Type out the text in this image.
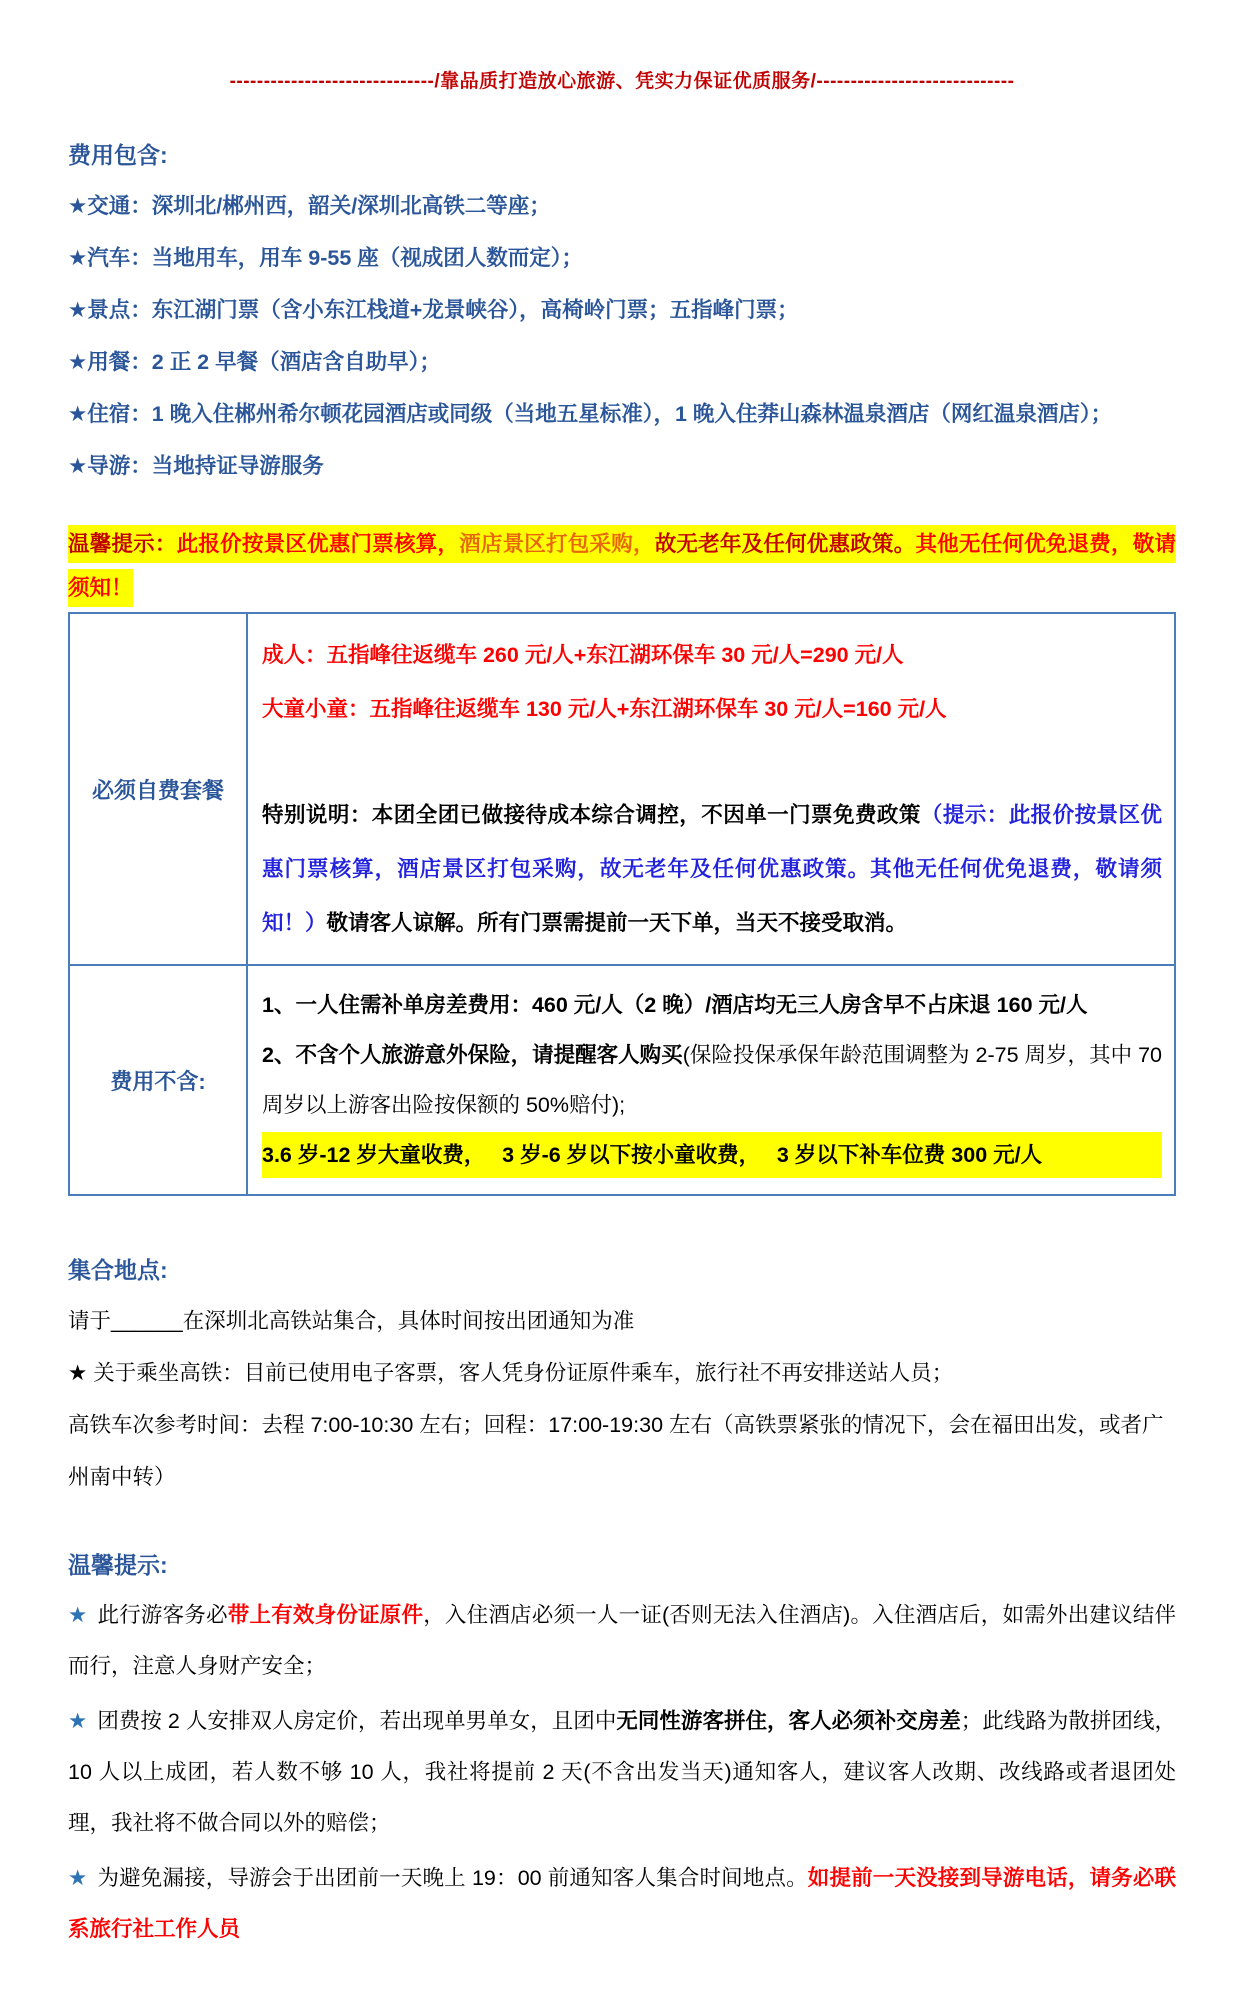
------------------------------/靠品质打造放心旅游、凭实力保证优质服务/-----------------------------
费用包含:
★交通：深圳北/郴州西，韶关/深圳北高铁二等座；
★汽车：当地用车，用车 9-55 座（视成团人数而定）；
★景点：东江湖门票（含小东江栈道+龙景峡谷），高椅岭门票；五指峰门票；
★用餐：2 正 2 早餐（酒店含自助早）；
★住宿：1 晚入住郴州希尔顿花园酒店或同级（当地五星标准），1 晚入住莽山森林温泉酒店（网红温泉酒店）；
★导游：当地持证导游服务
温馨提示：此报价按景区优惠门票核算，酒店景区打包采购，故无老年及任何优惠政策。其他无任何优免退费，敬请须知！
必须自费套餐	成人：五指峰往返缆车 260 元/人+东江湖环保车 30 元/人=290 元/人
大童小童：五指峰往返缆车 130 元/人+东江湖环保车 30 元/人=160 元/人
特别说明：本团全团已做接待成本综合调控，不因单一门票免费政策（提示：此报价按景区优惠门票核算，酒店景区打包采购，故无老年及任何优惠政策。其他无任何优免退费，敬请须知！）敬请客人谅解。所有门票需提前一天下单，当天不接受取消。

费用不含:	1、一人住需补单房差费用：460 元/人（2 晚）/酒店均无三人房含早不占床退 160 元/人
2、不含个人旅游意外保险，请提醒客人购买(保险投保承保年龄范围调整为 2-75 周岁，其中 70 周岁以上游客出险按保额的 50%赔付);
3.6 岁-12 岁大童收费，　 3 岁-6 岁以下按小童收费，　 3 岁以下补车位费 300 元/人
集合地点:
请于______在深圳北高铁站集合，具体时间按出团通知为准
★ 关于乘坐高铁：目前已使用电子客票，客人凭身份证原件乘车，旅行社不再安排送站人员；
高铁车次参考时间：去程 7:00-10:30 左右；回程：17:00-19:30 左右（高铁票紧张的情况下，会在福田出发，或者广州南中转）
温馨提示:

★ 此行游客务必带上有效身份证原件，入住酒店必须一人一证(否则无法入住酒店)。入住酒店后，如需外出建议结伴而行，注意人身财产安全；

★ 团费按 2 人安排双人房定价，若出现单男单女，且团中无同性游客拼住，客人必须补交房差；此线路为散拼团线，10 人以上成团，若人数不够 10 人，我社将提前 2 天(不含出发当天)通知客人，建议客人改期、改线路或者退团处理，我社将不做合同以外的赔偿；

★ 为避免漏接，导游会于出团前一天晚上 19：00 前通知客人集合时间地点。如提前一天没接到导游电话，请务必联系旅行社工作人员
